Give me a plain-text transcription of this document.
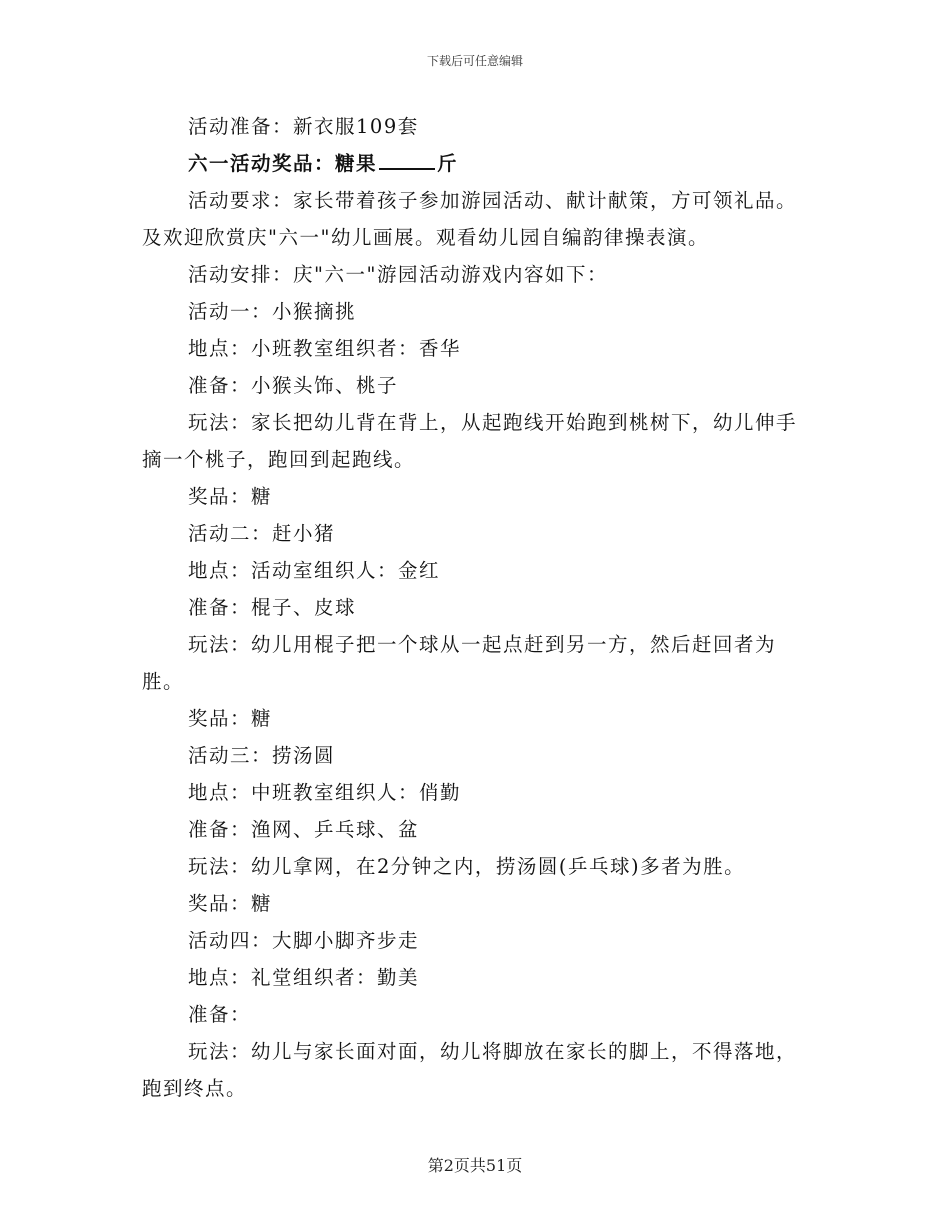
下载后可任意编辑

活动准备：新衣服109套

六一活动奖品：糖果	斤

活动要求：家长带着孩子参加游园活动、献计献策，方可领礼品。及欢迎欣赏庆"六一"幼儿画展。观看幼儿园自编韵律操表演。

活动安排：庆"六一"游园活动游戏内容如下：

活动一：小猴摘挑

地点：小班教室组织者：香华

准备：小猴头饰、桃子

玩法：家长把幼儿背在背上，从起跑线开始跑到桃树下，幼儿伸手摘一个桃子，跑回到起跑线。

奖品：糖

活动二：赶小猪

地点：活动室组织人：金红

准备：棍子、皮球

玩法：幼儿用棍子把一个球从一起点赶到另一方，然后赶回者为胜。

奖品：糖

活动三：捞汤圆

地点：中班教室组织人：俏勤

准备：渔网、乒乓球、盆

玩法：幼儿拿网，在2分钟之内，捞汤圆(乒乓球)多者为胜。

奖品：糖

活动四：大脚小脚齐步走

地点：礼堂组织者：勤美

准备：

玩法：幼儿与家长面对面，幼儿将脚放在家长的脚上，不得落地，跑到终点。

第2页共51页
